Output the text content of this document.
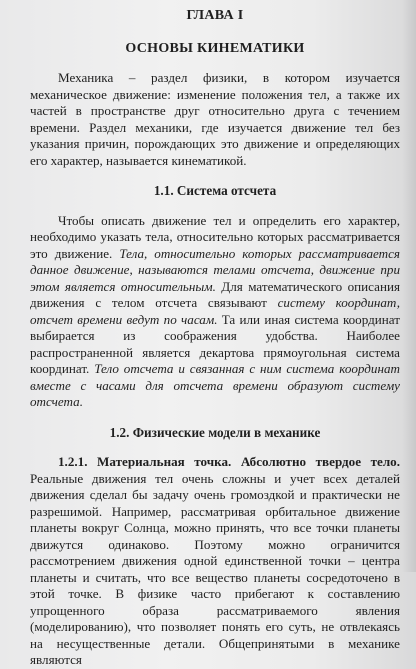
ГЛАВА I
ОСНОВЫ КИНЕМАТИКИ

Механика – раздел физики, в котором изучается механическое движение: изменение положения тел, а также их частей в пространстве друг относительно друга с течением времени. Раздел механики, где изучается движение тел без указания причин, порождающих это движение и определяющих его характер, называется кинематикой.

1.1. Система отсчета

Чтобы описать движение тел и определить его характер, необходимо указать тела, относительно которых рассматривается это движение. Тела, относительно которых рассматривается данное движение, называются телами отсчета, движение при этом является относительным. Для математического описания движения с телом отсчета связывают систему координат, отсчет времени ведут по часам. Та или иная система координат выбирается из соображения удобства. Наиболее распространенной является декартова прямоугольная система координат. Тело отсчета и связанная с ним система координат вместе с часами для отсчета времени образуют систему отсчета.

1.2. Физические модели в механике

1.2.1. Материальная точка. Абсолютно твердое тело. Реальные движения тел очень сложны и учет всех деталей движения сделал бы задачу очень громоздкой и практически не разрешимой. Например, рассматривая орбитальное движение планеты вокруг Солнца, можно принять, что все точки планеты движутся одинаково. Поэтому можно ограничится рассмотрением движения одной единственной точки – центра планеты и считать, что все вещество планеты сосредоточено в этой точке. В физике часто прибегают к составлению упрощенного образа рассматриваемого явления (моделированию), что позволяет понять его суть, не отвлекаясь на несущественные детали. Общепринятыми в механике являются
